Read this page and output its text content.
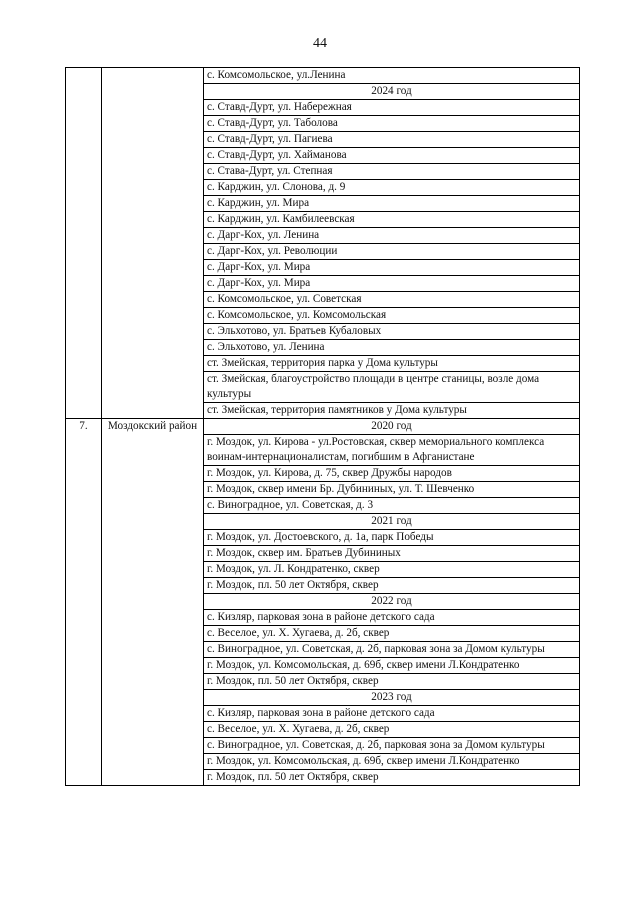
44
		с. Комсомольское, ул.Ленина
		2024 год
		с. Ставд-Дурт, ул. Набережная
		с. Ставд-Дурт, ул. Таболова
		с. Ставд-Дурт, ул. Пагиева
		с. Ставд-Дурт, ул. Хайманова
		с. Става-Дурт, ул. Степная
		с. Карджин, ул. Слонова, д. 9
		с. Карджин, ул. Мира
		с. Карджин, ул. Камбилеевская
		с. Дарг-Кох, ул. Ленина
		с. Дарг-Кох, ул. Революции
		с. Дарг-Кох, ул. Мира
		с. Дарг-Кох, ул. Мира
		с. Комсомольское, ул. Советская
		с. Комсомольское, ул. Комсомольская
		с. Эльхотово, ул. Братьев Кубаловых
		с. Эльхотово, ул. Ленина
		ст. Змейская, территория парка у Дома культуры
		ст. Змейская, благоустройство площади в центре станицы, возле дома культуры
		ст. Змейская, территория памятников у Дома культуры
7.	Моздокский район	2020 год
		г. Моздок, ул. Кирова - ул.Ростовская, сквер мемориального комплекса воинам-интернационалистам, погибшим в Афганистане
		г. Моздок, ул. Кирова, д. 75, сквер Дружбы народов
		г. Моздок, сквер имени Бр. Дубининых, ул. Т. Шевченко
		с. Виноградное, ул. Советская, д. 3
		2021 год
		г. Моздок, ул. Достоевского, д. 1а, парк Победы
		г. Моздок, сквер им. Братьев Дубининых
		г. Моздок, ул. Л. Кондратенко, сквер
		г. Моздок, пл. 50 лет Октября, сквер
		2022 год
		с. Кизляр, парковая зона в районе детского сада
		с. Веселое, ул. Х. Хугаева, д. 2б, сквер
		с. Виноградное, ул. Советская, д. 2б, парковая зона за Домом культуры
		г. Моздок, ул. Комсомольская, д. 69б, сквер имени Л.Кондратенко
		г. Моздок, пл. 50 лет Октября, сквер
		2023 год
		с. Кизляр, парковая зона в районе детского сада
		с. Веселое, ул. Х. Хугаева, д. 2б, сквер
		с. Виноградное, ул. Советская, д. 2б, парковая зона за Домом культуры
		г. Моздок, ул. Комсомольская, д. 69б, сквер имени Л.Кондратенко
		г. Моздок, пл. 50 лет Октября, сквер
